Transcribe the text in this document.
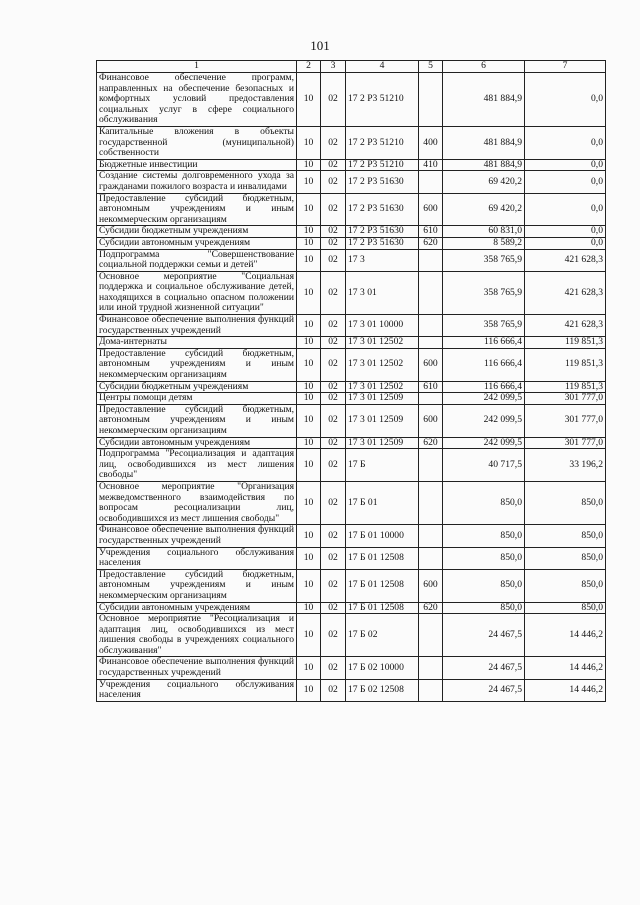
101
1	2	3	4	5	6	7
Финансовое обеспечение программ, направленных на обеспечение безопасных и комфортных условий предоставления социальных услуг в сфере социального обслуживания	10	02	17 2 Р3 51210		481 884,9	0,0
Капитальные вложения в объекты государственной (муниципальной) собственности	10	02	17 2 Р3 51210	400	481 884,9	0,0
Бюджетные инвестиции	10	02	17 2 Р3 51210	410	481 884,9	0,0
Создание системы долговременного ухода за гражданами пожилого возраста и инвалидами	10	02	17 2 Р3 51630		69 420,2	0,0
Предоставление субсидий бюджетным, автономным учреждениям и иным некоммерческим организациям	10	02	17 2 Р3 51630	600	69 420,2	0,0
Субсидии бюджетным учреждениям	10	02	17 2 Р3 51630	610	60 831,0	0,0
Субсидии автономным учреждениям	10	02	17 2 Р3 51630	620	8 589,2	0,0
Подпрограмма "Совершенствование социальной поддержки семьи и детей"	10	02	17 3		358 765,9	421 628,3
Основное мероприятие "Социальная поддержка и социальное обслуживание детей, находящихся в социально опасном положении или иной трудной жизненной ситуации"	10	02	17 3 01		358 765,9	421 628,3
Финансовое обеспечение выполнения функций государственных учреждений	10	02	17 3 01 10000		358 765,9	421 628,3
Дома-интернаты	10	02	17 3 01 12502		116 666,4	119 851,3
Предоставление субсидий бюджетным, автономным учреждениям и иным некоммерческим организациям	10	02	17 3 01 12502	600	116 666,4	119 851,3
Субсидии бюджетным учреждениям	10	02	17 3 01 12502	610	116 666,4	119 851,3
Центры помощи детям	10	02	17 3 01 12509		242 099,5	301 777,0
Предоставление субсидий бюджетным, автономным учреждениям и иным некоммерческим организациям	10	02	17 3 01 12509	600	242 099,5	301 777,0
Субсидии автономным учреждениям	10	02	17 3 01 12509	620	242 099,5	301 777,0
Подпрограмма "Ресоциализация и адаптация лиц, освободившихся из мест лишения свободы"	10	02	17 Б		40 717,5	33 196,2
Основное мероприятие "Организация межведомственного взаимодействия по вопросам ресоциализации лиц, освободившихся из мест лишения свободы"	10	02	17 Б 01		850,0	850,0
Финансовое обеспечение выполнения функций государственных учреждений	10	02	17 Б 01 10000		850,0	850,0
Учреждения социального обслуживания населения	10	02	17 Б 01 12508		850,0	850,0
Предоставление субсидий бюджетным, автономным учреждениям и иным некоммерческим организациям	10	02	17 Б 01 12508	600	850,0	850,0
Субсидии автономным учреждениям	10	02	17 Б 01 12508	620	850,0	850,0
Основное мероприятие "Ресоциализация и адаптация лиц, освободившихся из мест лишения свободы в учреждениях социального обслуживания"	10	02	17 Б 02		24 467,5	14 446,2
Финансовое обеспечение выполнения функций государственных учреждений	10	02	17 Б 02 10000		24 467,5	14 446,2
Учреждения социального обслуживания населения	10	02	17 Б 02 12508		24 467,5	14 446,2
